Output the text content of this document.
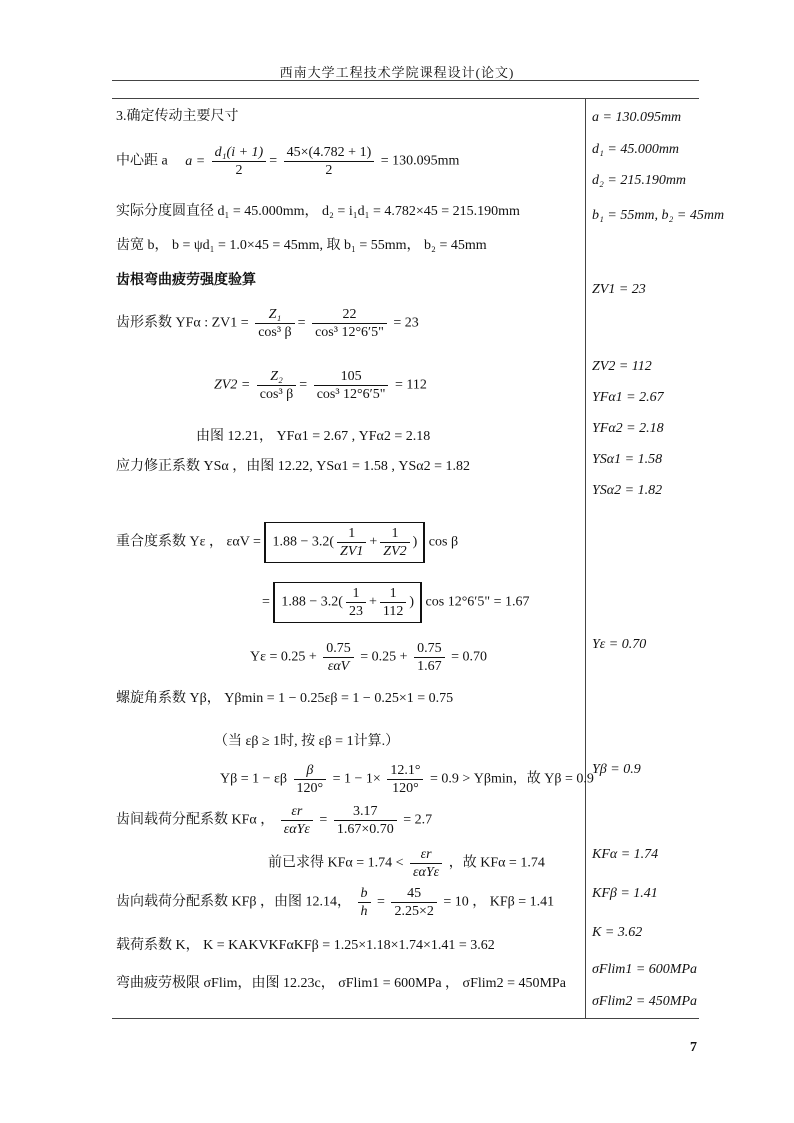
西南大学工程技术学院课程设计(论文)
3.确定传动主要尺寸
中心距 a $a = \frac{\text{d₁(i + 1)}}{2} = \frac{45\times(4.782 + 1)}{2} = 130.095mm$
实际分度圆直径 d₁ = 45.000mm， d₂ = i₁d₁ = 4.782×45 = 215.190mm
齿宽 b， b = ψd₁ = 1.0×45 = 45mm, 取 b₁ = 55mm， b₂ = 45mm
齿根弯曲疲劳强度验算
齿形系数 YFα : $ZV1 = \frac{\text{Z₁}}{\text{cos³ β}} = \frac{22}{\text{cos³ 12°6′5"}} = 23$
$ZV2 = \frac{\text{Z₂}}{\text{cos³ β}} = \frac{105}{\text{cos³ 12°6′5"}} = 112$
由图 12.21， YFα1 = 2.67 , YFα2 = 2.18
应力修正系数 YSα ，由图 12.22, YSα1 = 1.58 , YSα2 = 1.82
重合度系数 Yε ， $\varepsilon\alpha V = 1.88 - 3.2( \frac{1}{ZV1} + \frac{1}{ZV2}$ ) cos β
= $1.88 - 3.2( \frac{1}{23} + \frac{1}{112}$ ) cos 12°6′5" = 1.67
$Y\varepsilon = 0.25 + \frac{0.75}{\text{εαV}} = 0.25 + \frac{0.75}{1.67} = 0.70$
螺旋角系数 Yβ， Yβmin = 1 − 0.25εβ = 1 − 0.25×1 = 0.75
（当 εβ ≥ 1时, 按 εβ = 1计算.）
Yβ = 1 − εβ $\frac{\beta}{120^\circ} = 1 - 1\times \frac{12.1^\circ}{120^\circ} = 0.9 > Y\beta\min$，故 Yβ = 0.9
齿间载荷分配系数 KFα ， $\frac{\varepsilon r}{\text{εαYε}} = \frac{3.17}{1.67\times 0.70} = 2.7$
前已求得 $KF\alpha = 1.74 < \frac{\varepsilon r}{\text{εαYε}}$ ，故 KFα = 1.74
齿向载荷分配系数 KFβ ，由图 12.14， $\frac{b}{h} = \frac{45}{2.25\times 2} = 10$ ， KFβ = 1.41
载荷系数 K， K = KAKVKFαKFβ = 1.25×1.18×1.74×1.41 = 3.62
弯曲疲劳极限 σFlim，由图 12.23c， σFlim1 = 600MPa ， σFlim2 = 450MPa
a = 130.095mm
d₁ = 45.000mm
d₂ = 215.190mm
b₁ = 55mm, b₂ = 45mm
ZV1 = 23
ZV2 = 112
YFα1 = 2.67
YFα2 = 2.18
YSα1 = 1.58
YSα2 = 1.82
Yε = 0.70
Yβ = 0.9
KFα = 1.74
KFβ = 1.41
K = 3.62
σFlim1 = 600MPa
σFlim2 = 450MPa
7
